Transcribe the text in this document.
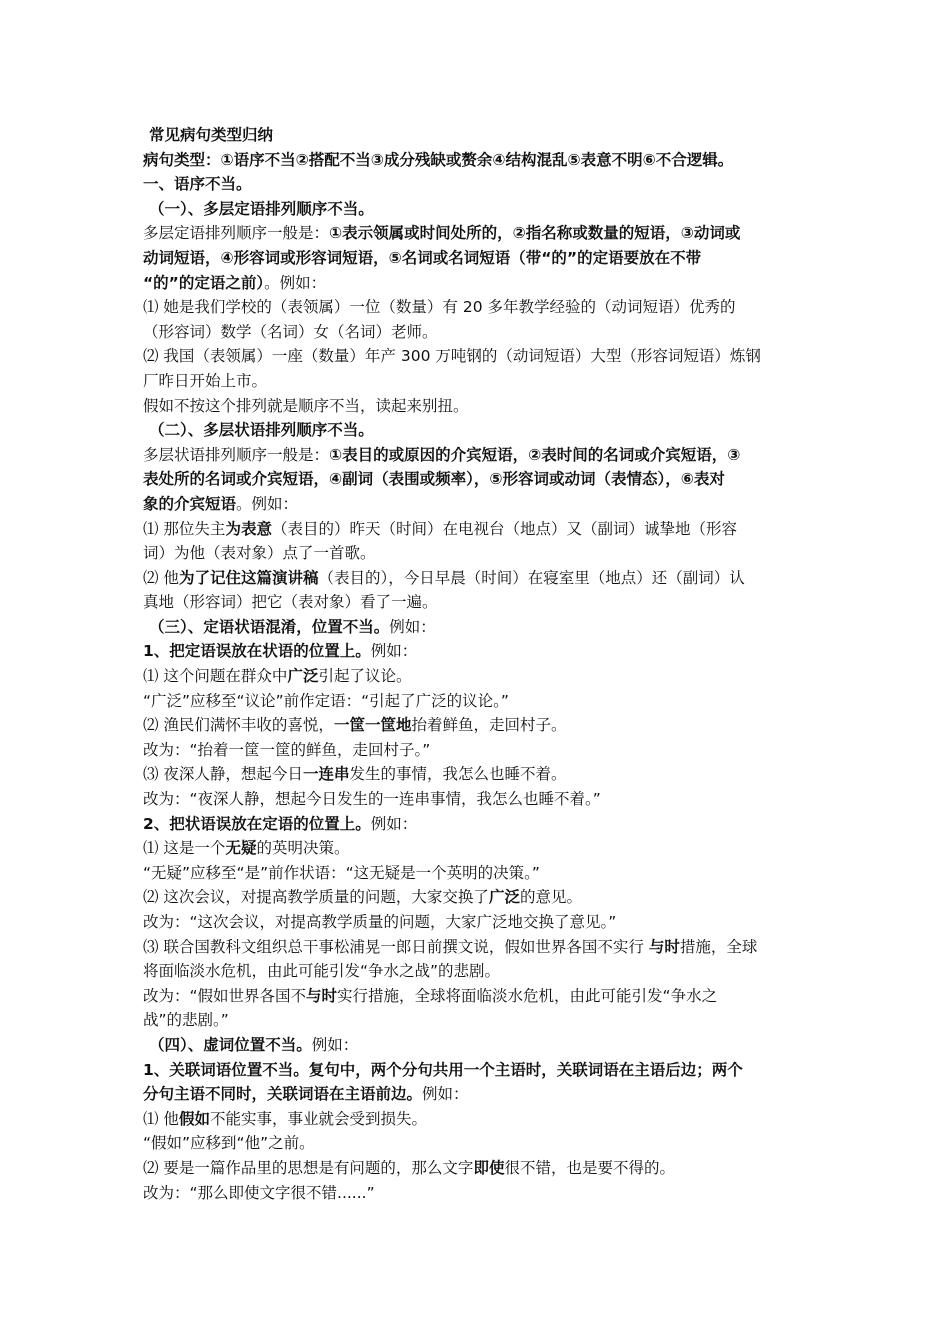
常见病句类型归纳
病句类型：①语序不当②搭配不当③成分残缺或赘余④结构混乱⑤表意不明⑥不合逻辑。
一、语序不当。
（一）、多层定语排列顺序不当。
多层定语排列顺序一般是：①表示领属或时间处所的，②指名称或数量的短语，③动词或
动词短语，④形容词或形容词短语，⑤名词或名词短语（带“的”的定语要放在不带
“的”的定语之前）。例如：
⑴ 她是我们学校的（表领属）一位（数量）有 20 多年教学经验的（动词短语）优秀的
（形容词）数学（名词）女（名词）老师。
⑵ 我国（表领属）一座（数量）年产 300 万吨钢的（动词短语）大型（形容词短语）炼钢
厂昨日开始上市。
假如不按这个排列就是顺序不当，读起来别扭。
（二）、多层状语排列顺序不当。
多层状语排列顺序一般是：①表目的或原因的介宾短语，②表时间的名词或介宾短语，③
表处所的名词或介宾短语，④副词（表围或频率），⑤形容词或动词（表情态），⑥表对
象的介宾短语。例如：
⑴ 那位失主为表意（表目的）昨天（时间）在电视台（地点）又（副词）诚挚地（形容
词）为他（表对象）点了一首歌。
⑵ 他为了记住这篇演讲稿（表目的），今日早晨（时间）在寝室里（地点）还（副词）认
真地（形容词）把它（表对象）看了一遍。
（三）、定语状语混淆，位置不当。例如：
1、把定语误放在状语的位置上。例如：
⑴ 这个问题在群众中广泛引起了议论。
“广泛”应移至“议论”前作定语：“引起了广泛的议论。”
⑵ 渔民们满怀丰收的喜悦，一筐一筐地抬着鲜鱼，走回村子。
改为：“抬着一筐一筐的鲜鱼，走回村子。”
⑶ 夜深人静，想起今日一连串发生的事情，我怎么也睡不着。
改为：“夜深人静，想起今日发生的一连串事情，我怎么也睡不着。”
2、把状语误放在定语的位置上。例如：
⑴ 这是一个无疑的英明决策。
“无疑”应移至“是”前作状语：“这无疑是一个英明的决策。”
⑵ 这次会议，对提高教学质量的问题，大家交换了广泛的意见。
改为：“这次会议，对提高教学质量的问题，大家广泛地交换了意见。”
⑶ 联合国教科文组织总干事松浦晃一郎日前撰文说，假如世界各国不实行 与时措施，全球
将面临淡水危机，由此可能引发“争水之战”的悲剧。
改为：“假如世界各国不与时实行措施，全球将面临淡水危机，由此可能引发“争水之
战”的悲剧。”
（四）、虚词位置不当。例如：
1、关联词语位置不当。复句中，两个分句共用一个主语时，关联词语在主语后边；两个
分句主语不同时，关联词语在主语前边。例如：
⑴ 他假如不能实事，事业就会受到损失。
“假如”应移到“他”之前。
⑵ 要是一篇作品里的思想是有问题的，那么文字即使很不错，也是要不得的。
改为：“那么即使文字很不错......”
